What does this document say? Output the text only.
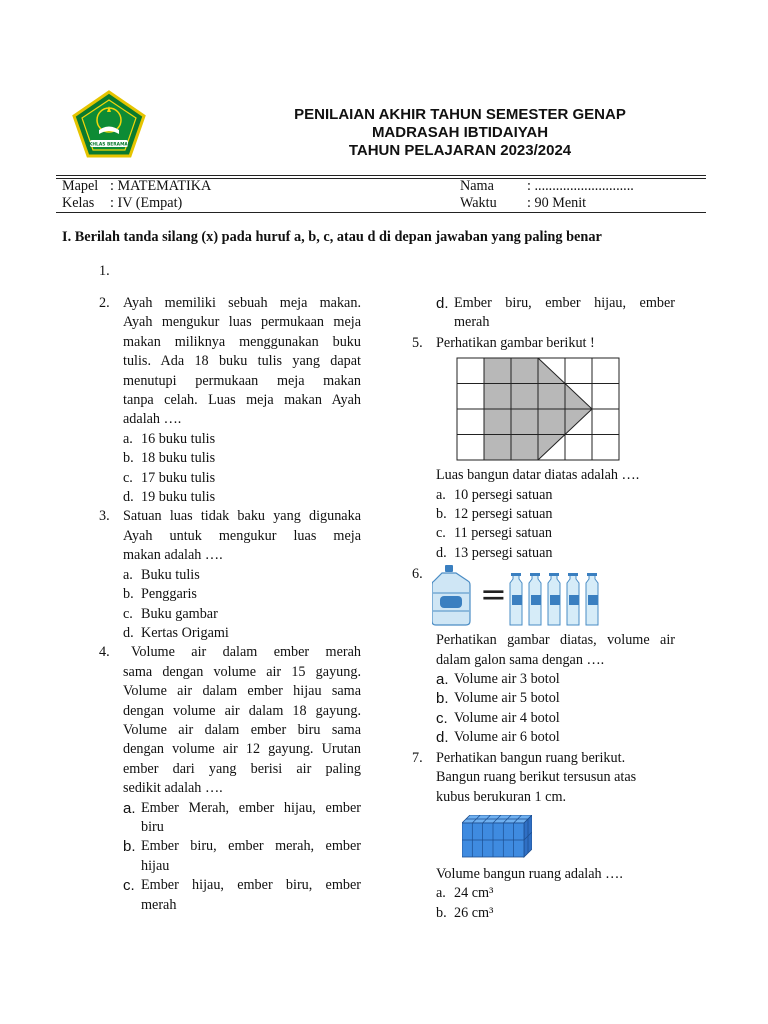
IKHLAS BERAMAL
PENILAIAN AKHIR TAHUN SEMESTER GENAP
MADRASAH IBTIDAIYAH
TAHUN PELAJARAN 2023/2024
Mapel : MATEMATIKA
Kelas : IV (Empat)
Nama : ............................
Waktu : 90 Menit
I. Berilah tanda silang (x) pada huruf a, b, c, atau d di depan jawaban yang paling benar
1.
2. Ayah memiliki sebuah meja makan.
Ayah mengukur luas permukaan meja
makan miliknya menggunakan buku
tulis. Ada 18 buku tulis yang dapat
menutupi permukaan meja makan
tanpa celah. Luas meja makan Ayah
adalah ….
a. 16 buku tulis
b. 18 buku tulis
c. 17 buku tulis
d. 19 buku tulis
3. Satuan luas tidak baku yang digunaka
Ayah untuk mengukur luas meja
makan adalah ….
a. Buku tulis
b. Penggaris
c. Buku gambar
d. Kertas Origami
4.	Volume air dalam ember merah
sama dengan volume air 15 gayung.
Volume air dalam ember hijau sama
dengan volume air dalam 18 gayung.
Volume air dalam ember biru sama
dengan volume air 12 gayung. Urutan
ember dari yang berisi air paling
sedikit adalah ….
a. Ember Merah, ember hijau, ember
biru
b. Ember biru, ember merah, ember
hijau
c. Ember hijau, ember biru, ember
merah
d. Ember biru, ember hijau, ember
merah
5. Perhatikan gambar berikut !
Luas bangun datar diatas adalah ….
a. 10 persegi satuan
b. 12 persegi satuan
c. 11 persegi satuan
d. 13 persegi satuan
6.
=
Perhatikan gambar diatas, volume air
dalam galon sama dengan ….
a. Volume air 3 botol
b. Volume air 5 botol
c. Volume air 4 botol
d. Volume air 6 botol
7. Perhatikan bangun ruang berikut.
Bangun ruang berikut tersusun atas
kubus berukuran 1 cm.
Volume bangun ruang adalah ….
a. 24 cm³
b. 26 cm³
